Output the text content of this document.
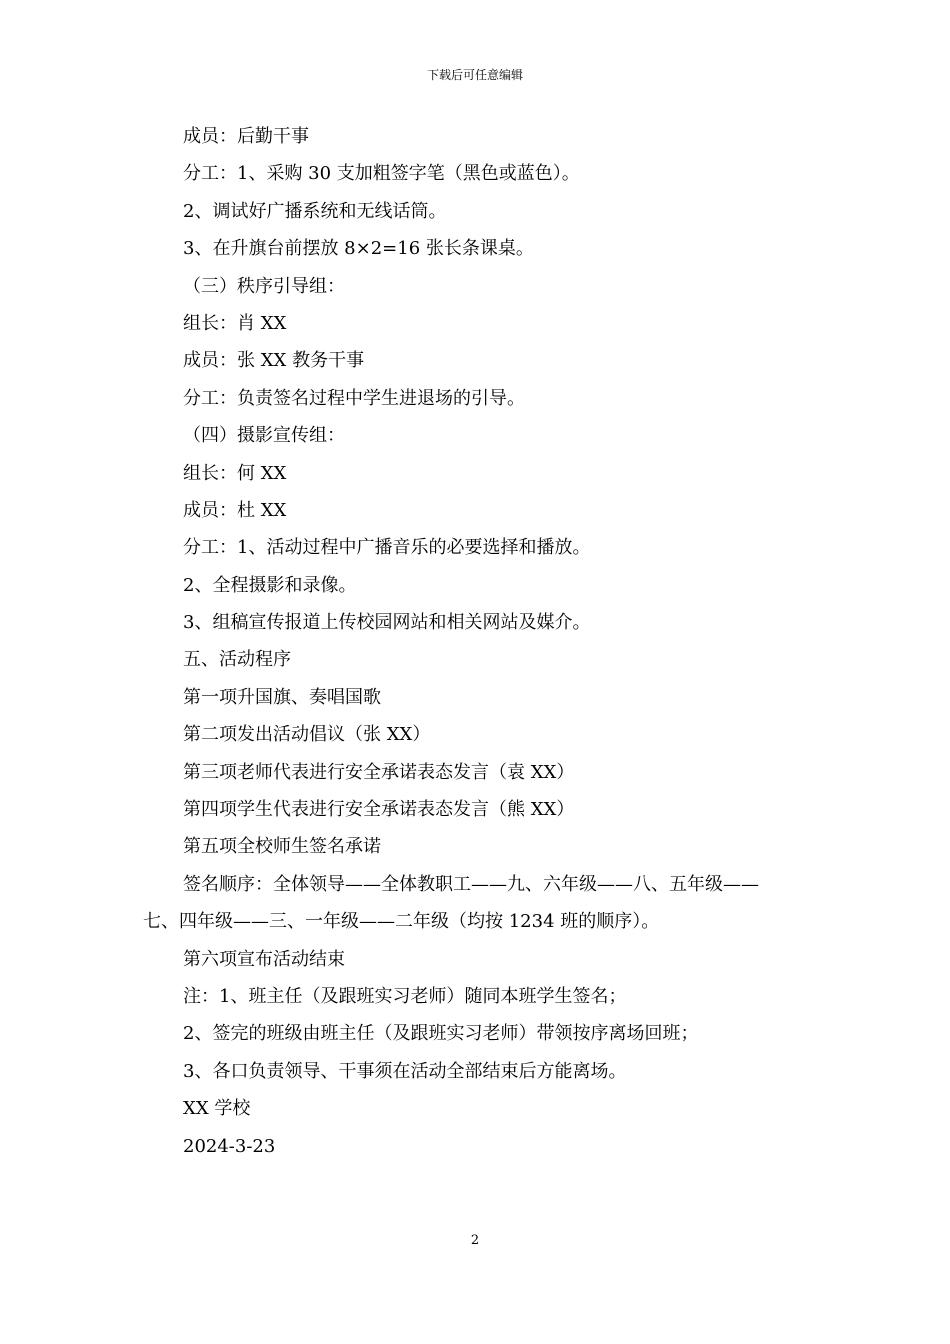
下载后可任意编辑
成员：后勤干事
分工：1、采购 30 支加粗签字笔（黑色或蓝色）。
2、调试好广播系统和无线话筒。
3、在升旗台前摆放 8×2=16 张长条课桌。
（三）秩序引导组：
组长：肖 XX
成员：张 XX 教务干事
分工：负责签名过程中学生进退场的引导。
（四）摄影宣传组：
组长：何 XX
成员：杜 XX
分工：1、活动过程中广播音乐的必要选择和播放。
2、全程摄影和录像。
3、组稿宣传报道上传校园网站和相关网站及媒介。
五、活动程序
第一项升国旗、奏唱国歌
第二项发出活动倡议（张 XX）
第三项老师代表进行安全承诺表态发言（袁 XX）
第四项学生代表进行安全承诺表态发言（熊 XX）
第五项全校师生签名承诺
签名顺序：全体领导——全体教职工——九、六年级——八、五年级——
七、四年级——三、一年级——二年级（均按 1234 班的顺序）。
第六项宣布活动结束
注：1、班主任（及跟班实习老师）随同本班学生签名；
2、签完的班级由班主任（及跟班实习老师）带领按序离场回班；
3、各口负责领导、干事须在活动全部结束后方能离场。
XX 学校
2024-3-23
2
